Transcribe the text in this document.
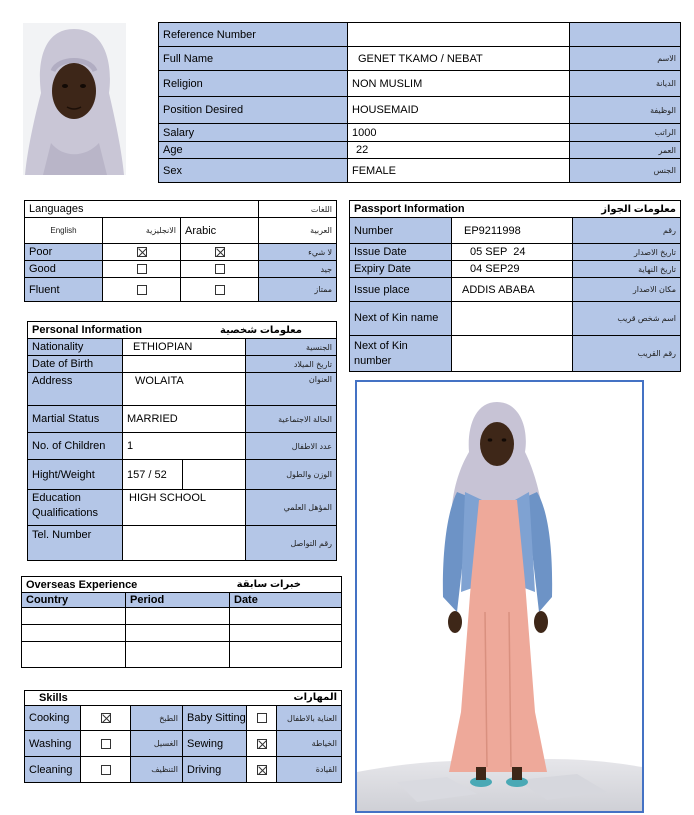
Reference Number		
Full Name	GENET TKAMO / NEBAT	الاسم
Religion	NON MUSLIM	الديانة
Position Desired	HOUSEMAID	الوظيفة
Salary	1000	الراتب
Age	22	العمر
Sex	FEMALE	الجنس
Languages			اللغات
English	الانجليزية	Arabic	العربية
Poor			لا شيء
Good			جيد
Fluent			ممتاز
Passport Information		معلومات الجواز
Number	EP9211998	رقم
Issue Date	05 SEP  24	تاريخ الاصدار
Expiry Date	04 SEP29	تاريخ النهاية
Issue place	ADDIS ABABA	مكان الاصدار
Next of Kin name		اسم شخص قريب
Next of Kin number		رقم القريب
Personal Information		معلومات شخصية	
Nationality	ETHIOPIAN		الجنسية
Date of Birth			تاريخ الميلاد
Address	WOLAITA		العنوان
Martial Status	MARRIED		الحالة الاجتماعية
No. of Children	1		عدد الاطفال
Hight/Weight	157 / 52		الوزن والطول
Education Qualifications	HIGH SCHOOL		المؤهل العلمي
Tel. Number			رقم التواصل
Overseas Experience خبرات سابقة		

Country	Period	Date

Skills المهارات					

Cooking		الطبخ	Baby Sitting		العناية بالاطفال
Washing		الغسيل	Sewing		الخياطة
Cleaning		التنظيف	Driving		القيادة
